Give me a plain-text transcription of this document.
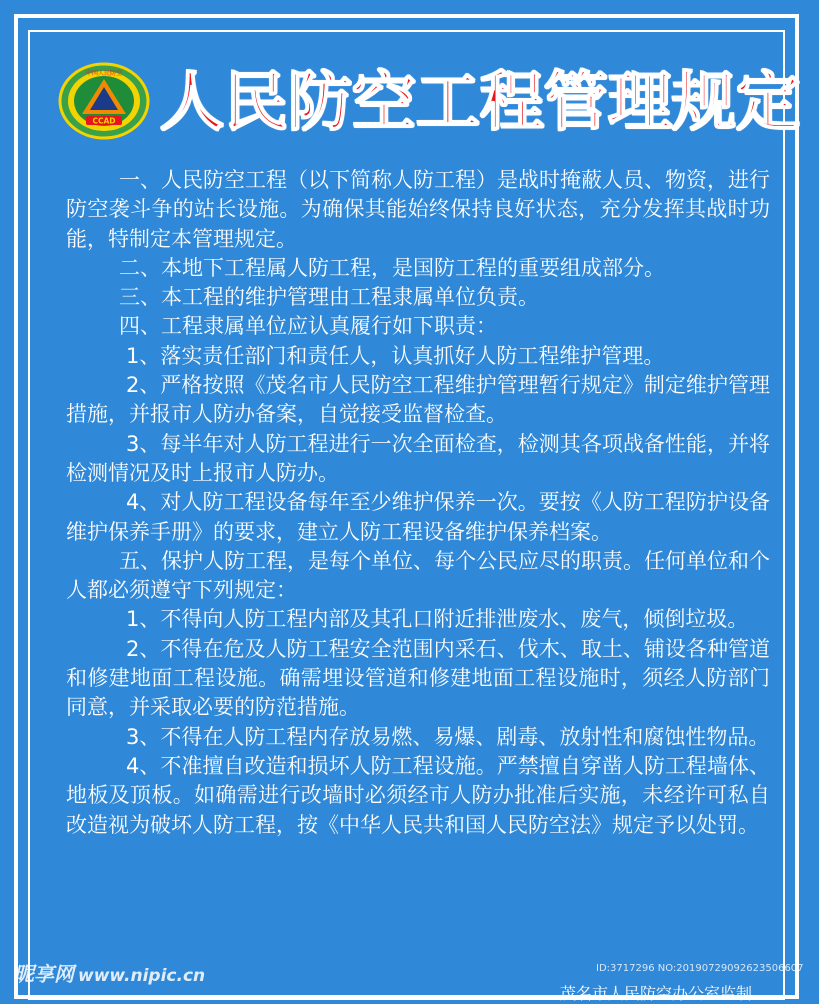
CCAD
中国人民防空 人民防空工程管理规定

一、人民防空工程（以下简称人防工程）是战时掩蔽人员、物资，进行防空袭斗争的站长设施。为确保其能始终保持良好状态，充分发挥其战时功能，特制定本管理规定。

二、本地下工程属人防工程，是国防工程的重要组成部分。

三、本工程的维护管理由工程隶属单位负责。

四、工程隶属单位应认真履行如下职责：

1、落实责任部门和责任人，认真抓好人防工程维护管理。

2、严格按照《茂名市人民防空工程维护管理暂行规定》制定维护管理措施，并报市人防办备案，自觉接受监督检查。

3、每半年对人防工程进行一次全面检查，检测其各项战备性能，并将检测情况及时上报市人防办。

4、对人防工程设备每年至少维护保养一次。要按《人防工程防护设备维护保养手册》的要求，建立人防工程设备维护保养档案。

五、保护人防工程，是每个单位、每个公民应尽的职责。任何单位和个人都必须遵守下列规定：

1、不得向人防工程内部及其孔口附近排泄废水、废气，倾倒垃圾。

2、不得在危及人防工程安全范围内采石、伐木、取土、铺设各种管道和修建地面工程设施。确需埋设管道和修建地面工程设施时，须经人防部门同意，并采取必要的防范措施。

3、不得在人防工程内存放易燃、易爆、剧毒、放射性和腐蚀性物品。

4、不准擅自改造和损坏人防工程设施。严禁擅自穿凿人防工程墙体、地板及顶板。如确需进行改墙时必须经市人防办批准后实施，未经许可私自改造视为破坏人防工程，按《中华人民共和国人民防空法》规定予以处罚。

昵享网 www.nipic.cn	ID:3717296 NO:20190729092623506607
茂名市人民防空办公室监制
